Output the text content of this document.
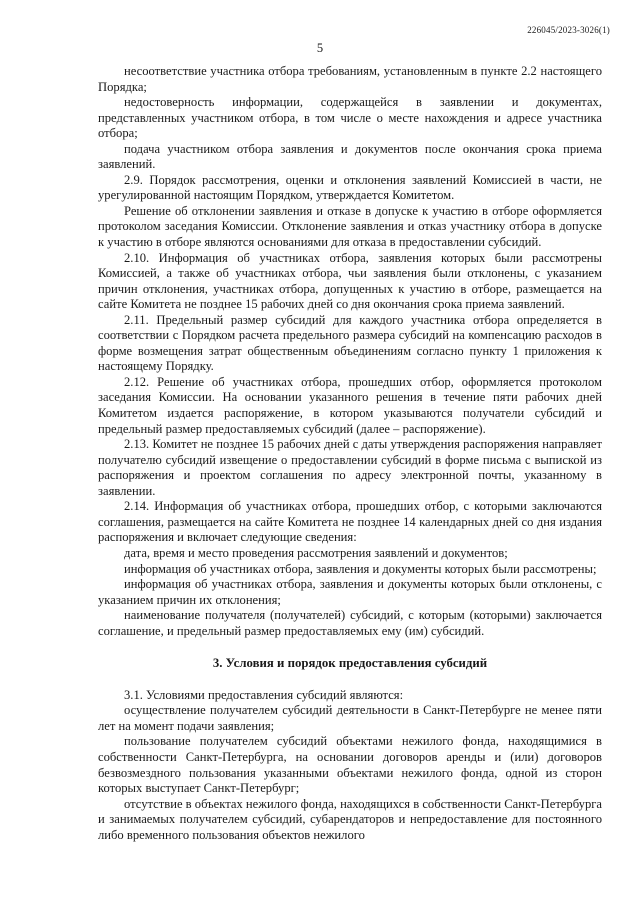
226045/2023-3026(1)
5

несоответствие участника отбора требованиям, установленным в пункте 2.2 настоящего Порядка;

недостоверность информации, содержащейся в заявлении и документах, представленных участником отбора, в том числе о месте нахождения и адресе участника отбора;

подача участником отбора заявления и документов после окончания срока приема заявлений.

2.9. Порядок рассмотрения, оценки и отклонения заявлений Комиссией в части, не урегулированной настоящим Порядком, утверждается Комитетом.

Решение об отклонении заявления и отказе в допуске к участию в отборе оформляется протоколом заседания Комиссии. Отклонение заявления и отказ участнику отбора в допуске к участию в отборе являются основаниями для отказа в предоставлении субсидий.

2.10. Информация об участниках отбора, заявления которых были рассмотрены Комиссией, а также об участниках отбора, чьи заявления были отклонены, с указанием причин отклонения, участниках отбора, допущенных к участию в отборе, размещается на сайте Комитета не позднее 15 рабочих дней со дня окончания срока приема заявлений.

2.11. Предельный размер субсидий для каждого участника отбора определяется в соответствии с Порядком расчета предельного размера субсидий на компенсацию расходов в форме возмещения затрат общественным объединениям согласно пункту 1 приложения к настоящему Порядку.

2.12. Решение об участниках отбора, прошедших отбор, оформляется протоколом заседания Комиссии. На основании указанного решения в течение пяти рабочих дней Комитетом издается распоряжение, в котором указываются получатели субсидий и предельный размер предоставляемых субсидий (далее – распоряжение).

2.13. Комитет не позднее 15 рабочих дней с даты утверждения распоряжения направляет получателю субсидий извещение о предоставлении субсидий в форме письма с выпиской из распоряжения и проектом соглашения по адресу электронной почты, указанному в заявлении.

2.14. Информация об участниках отбора, прошедших отбор, с которыми заключаются соглашения, размещается на сайте Комитета не позднее 14 календарных дней со дня издания распоряжения и включает следующие сведения:

дата, время и место проведения рассмотрения заявлений и документов;

информация об участниках отбора, заявления и документы которых были рассмотрены;

информация об участниках отбора, заявления и документы которых были отклонены, с указанием причин их отклонения;

наименование получателя (получателей) субсидий, с которым (которыми) заключается соглашение, и предельный размер предоставляемых ему (им) субсидий.

3. Условия и порядок предоставления субсидий

3.1. Условиями предоставления субсидий являются:

осуществление получателем субсидий деятельности в Санкт-Петербурге не менее пяти лет на момент подачи заявления;

пользование получателем субсидий объектами нежилого фонда, находящимися в собственности Санкт-Петербурга, на основании договоров аренды и (или) договоров безвозмездного пользования указанными объектами нежилого фонда, одной из сторон которых выступает Санкт-Петербург;

отсутствие в объектах нежилого фонда, находящихся в собственности Санкт-Петербурга и занимаемых получателем субсидий, субарендаторов и непредоставление для постоянного либо временного пользования объектов нежилого
